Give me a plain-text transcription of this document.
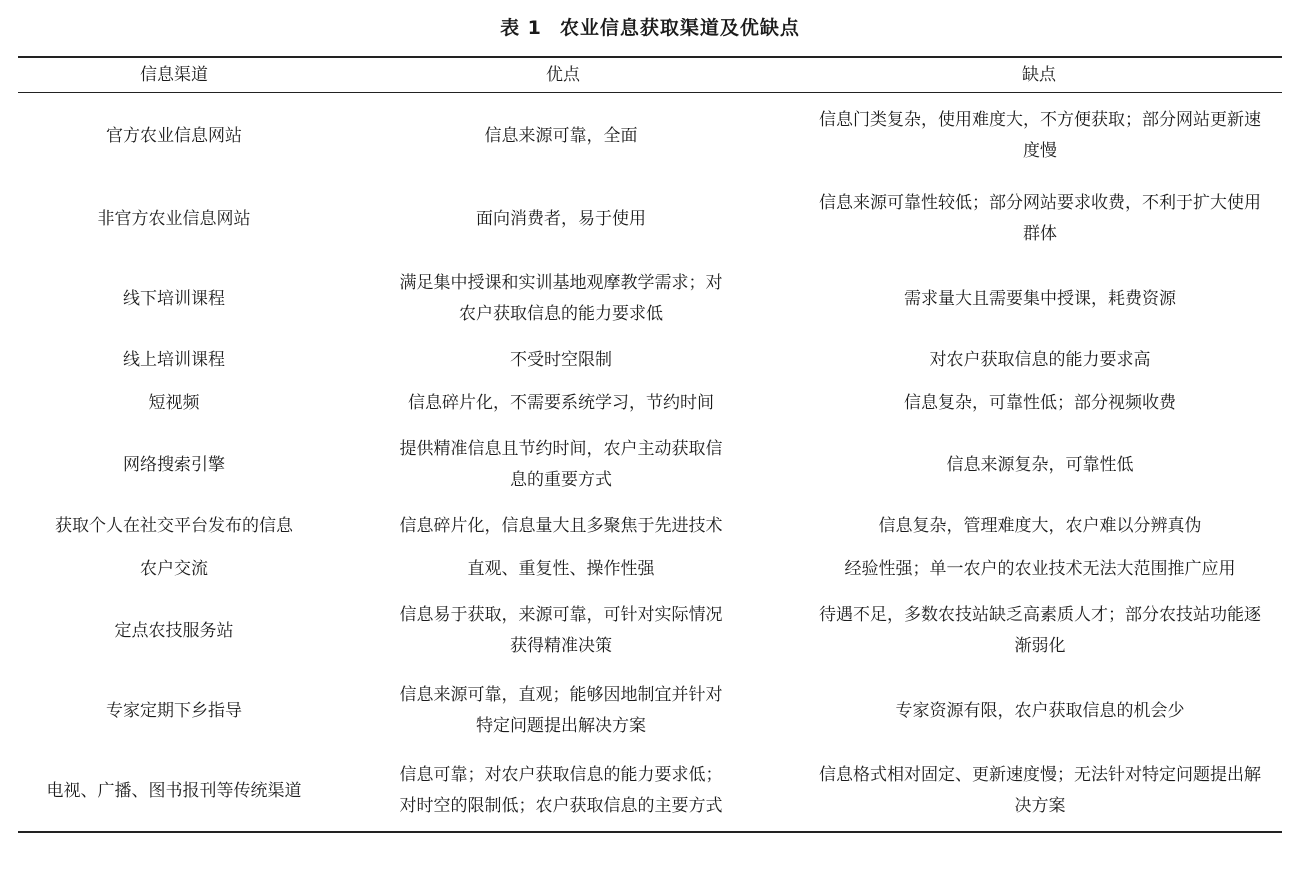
表 1 农业信息获取渠道及优缺点
信息渠道	优点	缺点
官方农业信息网站	信息来源可靠，全面	信息门类复杂，使用难度大，不方便获取；部分网站更新速度慢
非官方农业信息网站	面向消费者，易于使用	信息来源可靠性较低；部分网站要求收费，不利于扩大使用群体
线下培训课程	满足集中授课和实训基地观摩教学需求；对农户获取信息的能力要求低	需求量大且需要集中授课，耗费资源
线上培训课程	不受时空限制	对农户获取信息的能力要求高
短视频	信息碎片化，不需要系统学习，节约时间	信息复杂，可靠性低；部分视频收费
网络搜索引擎	提供精准信息且节约时间，农户主动获取信息的重要方式	信息来源复杂，可靠性低
获取个人在社交平台发布的信息	信息碎片化，信息量大且多聚焦于先进技术	信息复杂，管理难度大，农户难以分辨真伪
农户交流	直观、重复性、操作性强	经验性强；单一农户的农业技术无法大范围推广应用
定点农技服务站	信息易于获取，来源可靠，可针对实际情况获得精准决策	待遇不足，多数农技站缺乏高素质人才；部分农技站功能逐渐弱化
专家定期下乡指导	信息来源可靠，直观；能够因地制宜并针对特定问题提出解决方案	专家资源有限，农户获取信息的机会少
电视、广播、图书报刊等传统渠道	信息可靠；对农户获取信息的能力要求低；对时空的限制低；农户获取信息的主要方式	信息格式相对固定、更新速度慢；无法针对特定问题提出解决方案
